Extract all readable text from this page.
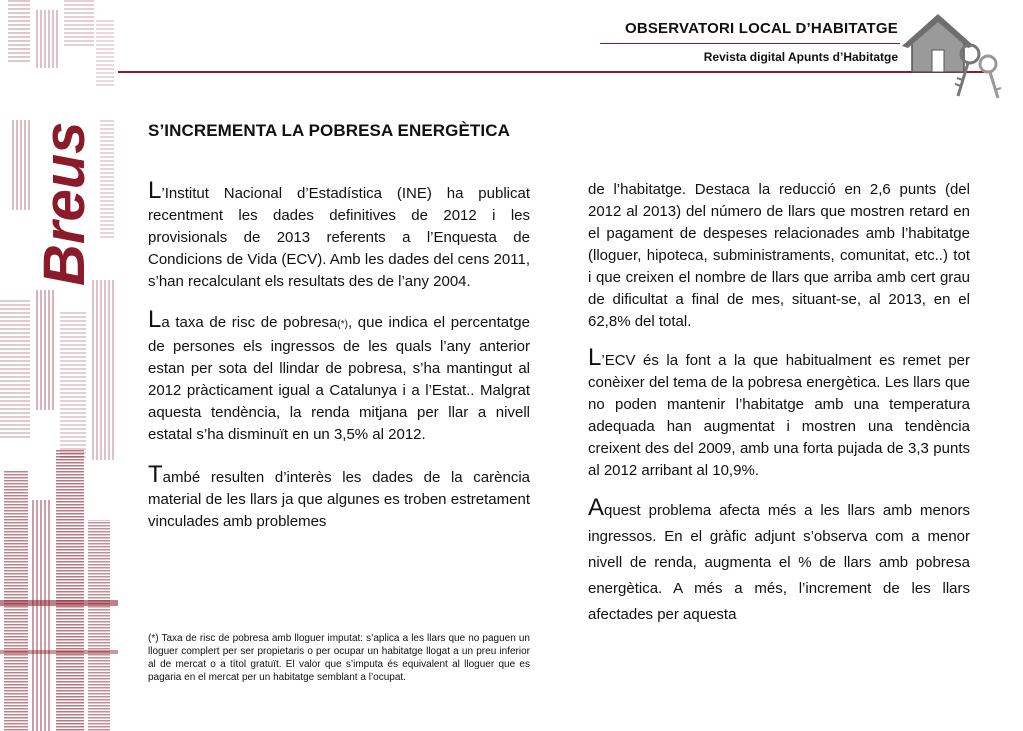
Breus
OBSERVATORI LOCAL D’HABITATGE
Revista digital Apunts d’Habitatge
S’INCREMENTA LA POBRESA ENERGÈTICA

L’Institut Nacional d’Estadística (INE) ha publicat recentment les dades definitives de 2012 i les provisionals de 2013 referents a l’Enquesta de Condicions de Vida (ECV). Amb les dades del cens 2011, s’han recalculant els resultats des de l’any 2004.

La taxa de risc de pobresa(*), que indica el percentatge de persones els ingressos de les quals l’any anterior estan per sota del llindar de pobresa, s’ha mantingut al 2012 pràcticament igual a Catalunya i a l’Estat.. Malgrat aquesta tendència, la renda mitjana per llar a nivell estatal s’ha disminuït en un 3,5% al 2012.

També resulten d’interès les dades de la carència material de les llars ja que algunes es troben estretament vinculades amb problemes

(*) Taxa de risc de pobresa amb lloguer imputat: s’aplica a les llars que no paguen un lloguer complert per ser propietaris o per ocupar un habitatge llogat a un preu inferior al de mercat o a títol gratuït. El valor que s’imputa és equivalent al lloguer que es pagaria en el mercat per un habitatge semblant a l’ocupat.

de l’habitatge. Destaca la reducció en 2,6 punts (del 2012 al 2013) del número de llars que mostren retard en el pagament de despeses relacionades amb l’habitatge (lloguer, hipoteca, subministraments, comunitat, etc..) tot i que creixen el nombre de llars que arriba amb cert grau de dificultat a final de mes, situant-se, al 2013, en el 62,8% del total.

L’ECV és la font a la que habitualment es remet per conèixer del tema de la pobresa energètica. Les llars que no poden mantenir l’habitatge amb una temperatura adequada han augmentat i mostren una tendència creixent des del 2009, amb una forta pujada de 3,3 punts al 2012 arribant al 10,9%.

Aquest problema afecta més a les llars amb menors ingressos. En el gràfic adjunt s’observa com a menor nivell de renda, augmenta el % de llars amb pobresa energètica. A més a més, l’increment de les llars afectades per aquesta
